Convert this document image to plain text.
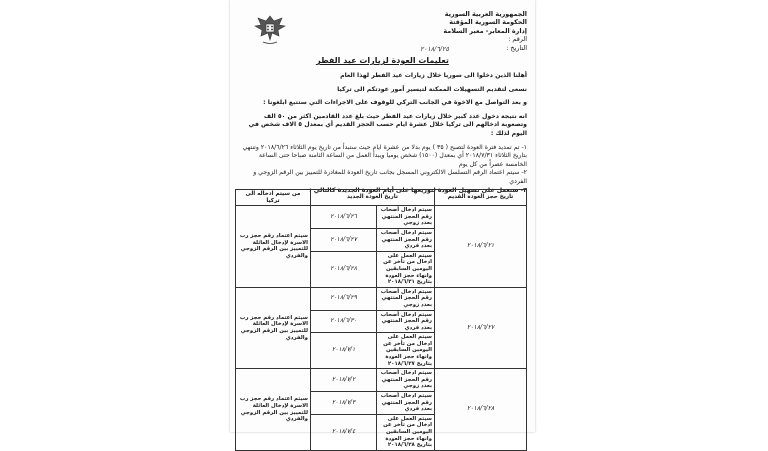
الجمهورية العربية السورية
الحكومة السورية المؤقتة
إدارة المعابر- معبر السلامة
الرقم :
التاريخ :
٢٠١٨/٦/٢٥
تعليمات العودة لزيارات عيد الفطر

أهلنا الذين دخلوا الى سوريا خلال زيارات عيد الفطر لهذا العام

نسعى لتقديم التسهيلات الممكنة لتيسير أمور عودتكم الى تركيا

و بعد التواصل مع الاخوة في الجانب التركي للوقوف على الاجراءات التي ستتبع ابلغونا :

انه نتيجة دخول عدد كبير خلال زيارات عيد الفطر حيث بلغ عدد القادمين اكثر من ٥٠ الف وتصعوبة ادخالهم الى تركيا خلال عشرة ايام حسب الحجز القديم أي بمعدل ٥ الاف شخص في اليوم لذلك :

١- تم تمديد فترة العودة لتصبح ( ٣٥ ) يوم بدلا من عشرة ايام حيث ستبدأ من تاريخ يوم الثلاثاء ٢٠١٨/٦/٢٦ وتنتهي بتاريخ الثلاثاء ٢٠١٨/٧/٣١ أي بمعدل (١٥٠٠) شخص يوميا ويبدأ العمل من الساعة الثامنة صباحا حتى الساعة الخامسة عصراً من كل يوم

٢- سيتم اعتماد الرقم التسلسل الالكتروني المسجل بجانب تاريخ العودة للمغادرة للتمييز بين الرقم الزوجي و الفردي

٣- ستعمل على تسهيل العودة لتوزيعها على أيام العودة الجديدة كالتالي :

تاريخ حجز العودة القديم	تاريخ العودة الجديد		من سيتم ادخاله الى تركيا
٢٠١٨/٦/٢١	سيتم ادخال أصحاب رقم الحجز المنتهي بعدد زوجي	٢٠١٨/٦/٢٦	سيتم اعتماد رقم حجز رب الاسرة لإدخال العائلة للتمييز بين الرقم الزوجي والفردي
	سيتم ادخال أصحاب رقم الحجز المنتهي بعدد فردي	٢٠١٨/٦/٢٧	
	سيتم العمل على ادخال من تأخر عن اليومين السابقين وانهاء حجز العودة بتاريخ ٢٠١٨/٦/٢١	٢٠١٨/٦/٢٨	
٢٠١٨/٦/٢٧	سيتم ادخال أصحاب رقم الحجز المنتهي بعدد زوجي	٢٠١٨/٦/٢٩	سيتم اعتماد رقم حجز رب الاسرة لإدخال العائلة للتمييز بين الرقم الزوجي والفردي
	سيتم ادخال أصحاب رقم الحجز المنتهي بعدد فردي	٢٠١٨/٦/٣٠	
	سيتم العمل على ادخال من تأخر عن اليومين السابقين وانهاء حجز العودة بتاريخ ٢٠١٨/٦/٢٧	٢٠١٨/٧/١	
٢٠١٨/٦/٢٨	سيتم ادخال أصحاب رقم الحجز المنتهي بعدد زوجي	٢٠١٨/٧/٢	سيتم اعتماد رقم حجز رب الاسرة لإدخال العائلة للتمييز بين الرقم الزوجي والفردي
	سيتم ادخال أصحاب رقم الحجز المنتهي بعدد فردي	٢٠١٨/٧/٣	
	سيتم العمل على ادخال من تأخر عن اليومين السابقين وانهاء حجز العودة بتاريخ ٢٠١٨/٦/٢٨	٢٠١٨/٧/٤	
